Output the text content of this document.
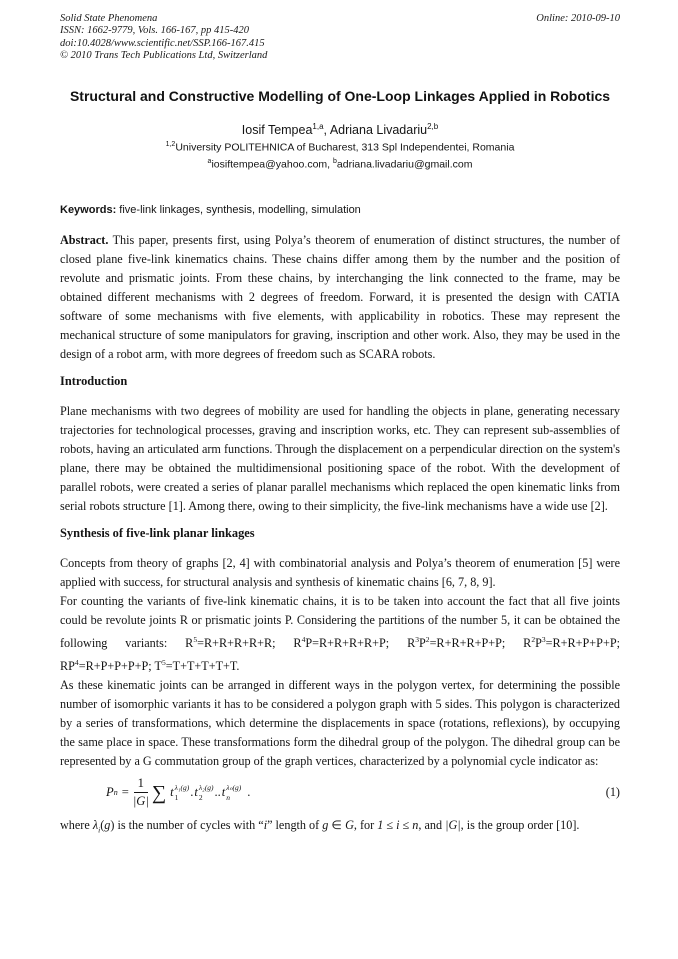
Solid State Phenomena
ISSN: 1662-9779, Vols. 166-167, pp 415-420
doi:10.4028/www.scientific.net/SSP.166-167.415
© 2010 Trans Tech Publications Ltd, Switzerland
Online: 2010-09-10
Structural and Constructive Modelling of One-Loop Linkages Applied in Robotics
Iosif Tempea$^{1,a}$, Adriana Livadariu$^{2,b}$
$^{1,2}$University POLITEHNICA of Bucharest, 313 Spl Independentei, Romania
$^a$iosiftempea@yahoo.com, $^b$adriana.livadariu@gmail.com
Keywords: five-link linkages, synthesis, modelling, simulation

Abstract. This paper, presents first, using Polya’s theorem of enumeration of distinct structures, the number of closed plane five-link kinematics chains. These chains differ among them by the number and the position of revolute and prismatic joints. From these chains, by interchanging the link connected to the frame, may be obtained different mechanisms with 2 degrees of freedom. Forward, it is presented the design with CATIA software of some mechanisms with five elements, with applicability in robotics. These may represent the mechanical structure of some manipulators for graving, inscription and other work. Also, they may be used in the design of a robot arm, with more degrees of freedom such as SCARA robots.

Introduction

Plane mechanisms with two degrees of mobility are used for handling the objects in plane, generating necessary trajectories for technological processes, graving and inscription works, etc. They can represent sub-assemblies of robots, having an articulated arm functions. Through the displacement on a perpendicular direction on the system's plane, there may be obtained the multidimensional positioning space of the robot. With the development of parallel robots, were created a series of planar parallel mechanisms which replaced the open kinematic links from serial robots structure [1]. Among there, owing to their simplicity, the five-link mechanisms have a wide use [2].

Synthesis of five-link planar linkages

Concepts from theory of graphs [2, 4] with combinatorial analysis and Polya’s theorem of enumeration [5] were applied with success, for structural analysis and synthesis of kinematic chains [6, 7, 8, 9].

For counting the variants of five-link kinematic chains, it is to be taken into account the fact that all five joints could be revolute joints R or prismatic joints P. Considering the partitions of the number 5, it can be obtained the following variants: $R^5=R+R+R+R+R$; $R^4P=R+R+R+R+P$; $R^3P^2=R+R+R+P+P$; $R^2P^3=R+R+P+P+P$; $RP^4=R+P+P+P+P$; $T^5=T+T+T+T+T$.

As these kinematic joints can be arranged in different ways in the polygon vertex, for determining the possible number of isomorphic variants it has to be considered a polygon graph with 5 sides. This polygon is characterized by a series of transformations, which determine the displacements in space (rotations, reflexions), by occupying the same place in space. These transformations form the dihedral group of the polygon. The dihedral group can be represented by a G commutation group of the graph vertices, characterized by a polynomial cycle indicator as:

P $n = \frac{1}{|G|}$ ∑ t λ₁(g)
1 . t λ₂(g)
2 .. t λₙ(g)
n .	(1)

where $\lambda_i(g)$ is the number of cycles with “i” length of g ∈ G, for 1 ≤ i ≤ n, and |G|, is the group order [10].
